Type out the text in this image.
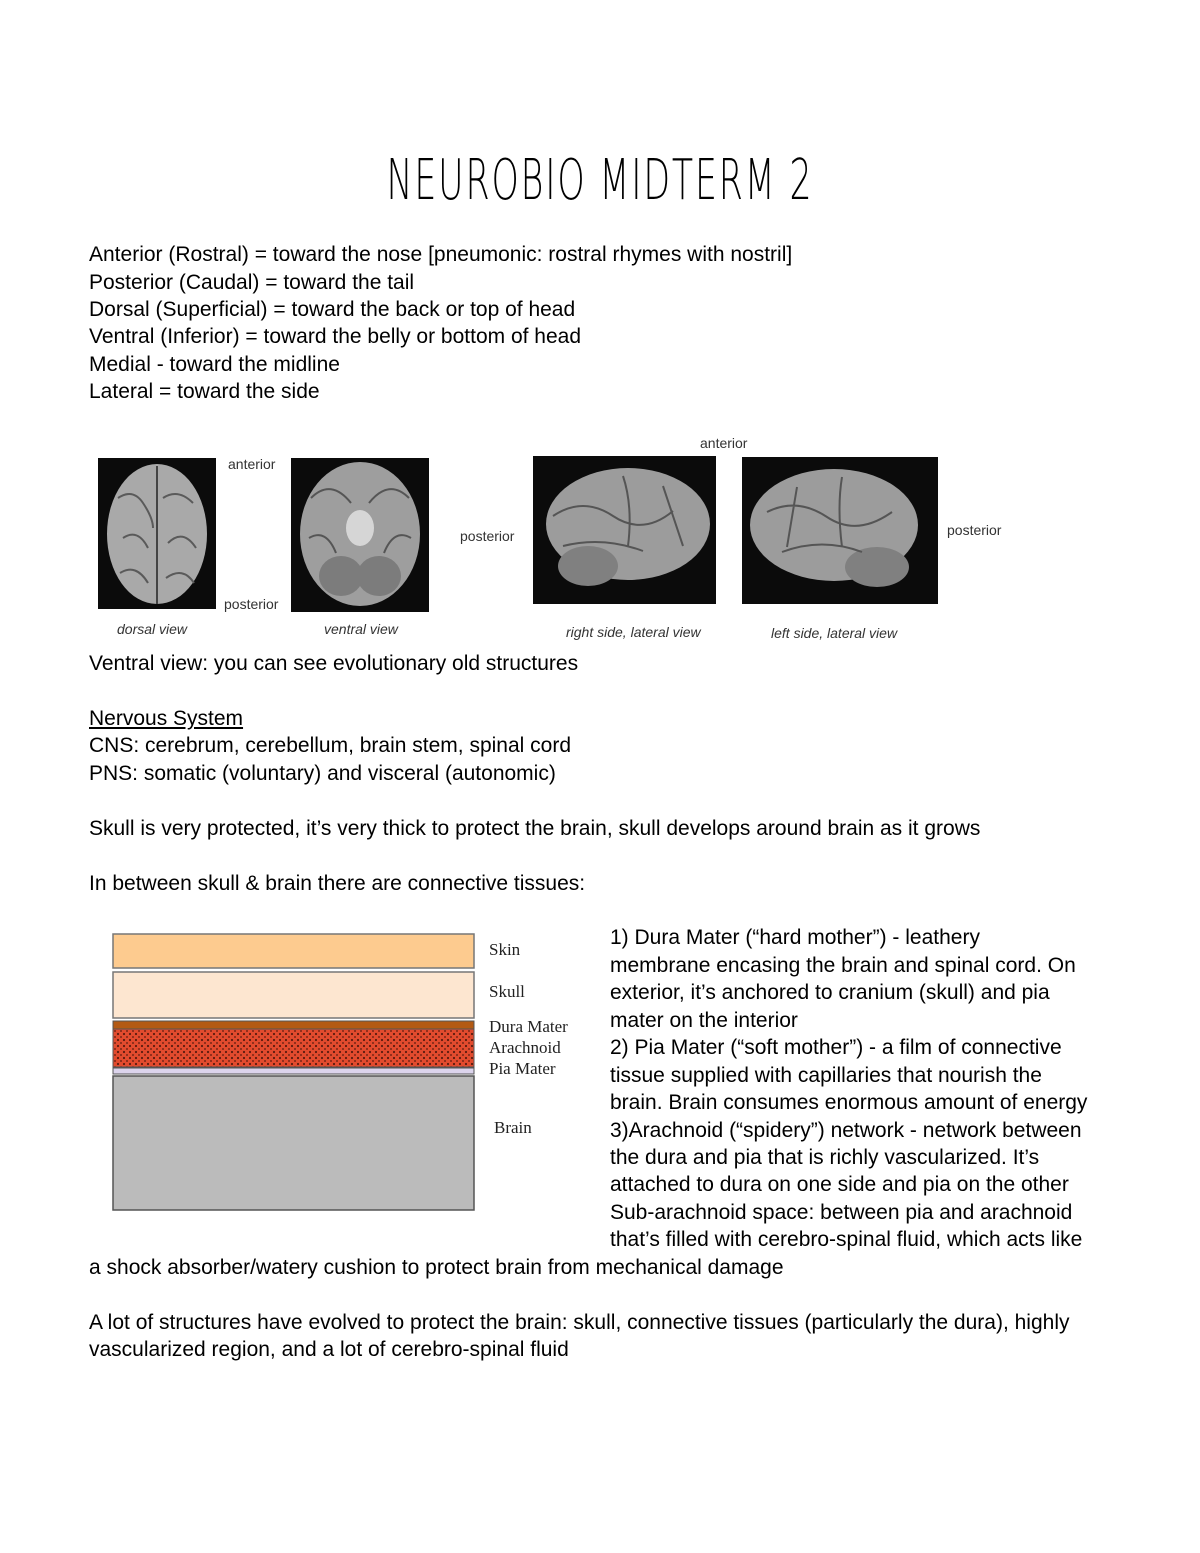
NEUROBIO MIDTERM 2
Anterior (Rostral) = toward the nose [pneumonic: rostral rhymes with nostril]
Posterior (Caudal) = toward the tail
Dorsal (Superficial) = toward the back or top of head
Ventral (Inferior) = toward the belly or bottom of head
Medial - toward the midline
Lateral = toward the side
anterior
posterior
posterior
anterior
posterior
dorsal view	ventral view	right side, lateral view	left side, lateral view
Ventral view: you can see evolutionary old structures
Nervous System
CNS: cerebrum, cerebellum, brain stem, spinal cord
PNS: somatic (voluntary) and visceral (autonomic)
Skull is very protected, it’s very thick to protect the brain, skull develops around brain as it grows
In between skull & brain there are connective tissues:
Skin
Skull
Dura Mater
Arachnoid
Pia Mater
Brain
1) Dura Mater (“hard mother”) - leathery
membrane encasing the brain and spinal cord. On
exterior, it’s anchored to cranium (skull) and pia
mater on the interior
2) Pia Mater (“soft mother”) - a film of connective
tissue supplied with capillaries that nourish the
brain. Brain consumes enormous amount of energy
3)Arachnoid (“spidery”) network - network between
the dura and pia that is richly vascularized. It’s
attached to dura on one side and pia on the other
Sub-arachnoid space: between pia and arachnoid
that’s filled with cerebro-spinal fluid, which acts like
a shock absorber/watery cushion to protect brain from mechanical damage
A lot of structures have evolved to protect the brain: skull, connective tissues (particularly the dura), highly vascularized region, and a lot of cerebro-spinal fluid
